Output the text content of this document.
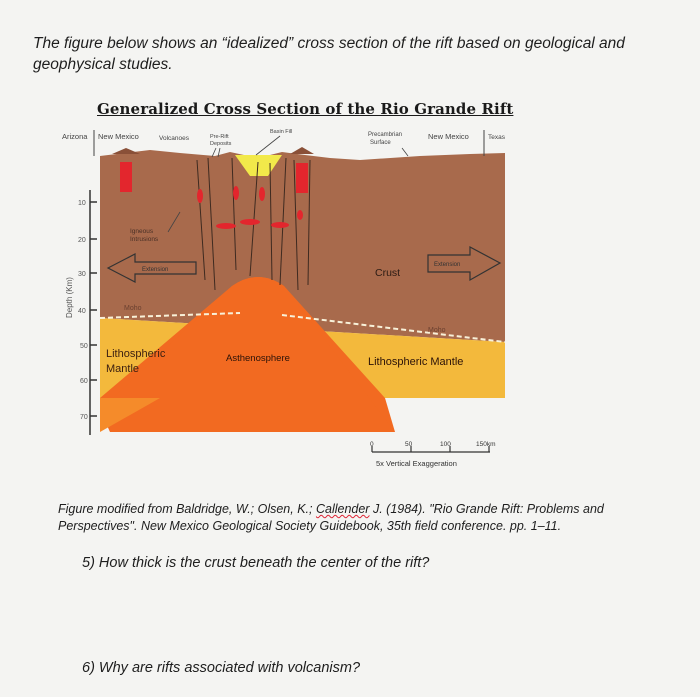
The figure below shows an “idealized” cross section of the rift based on geological and geophysical studies.
Generalized Cross Section of the Rio Grande Rift
Depth (Km)
10
20
30
40
50
60
70
Extension
Extension
Arizona New Mexico	Volcanoes	Pre-Rift
Deposits
Basin Fill	Precambrian
Surface
New Mexico	Texas
Igneous
Intrusions
Crust
Moho
Moho
Lithospheric
Mantle
Asthenosphere	Lithospheric Mantle
0	50	100	150km
5x Vertical Exaggeration
Figure modified from Baldridge, W.; Olsen, K.; Callender J. (1984). "Rio Grande Rift: Problems and Perspectives". New Mexico Geological Society Guidebook, 35th field conference. pp. 1–11.
5) How thick is the crust beneath the center of the rift?
6) Why are rifts associated with volcanism?
